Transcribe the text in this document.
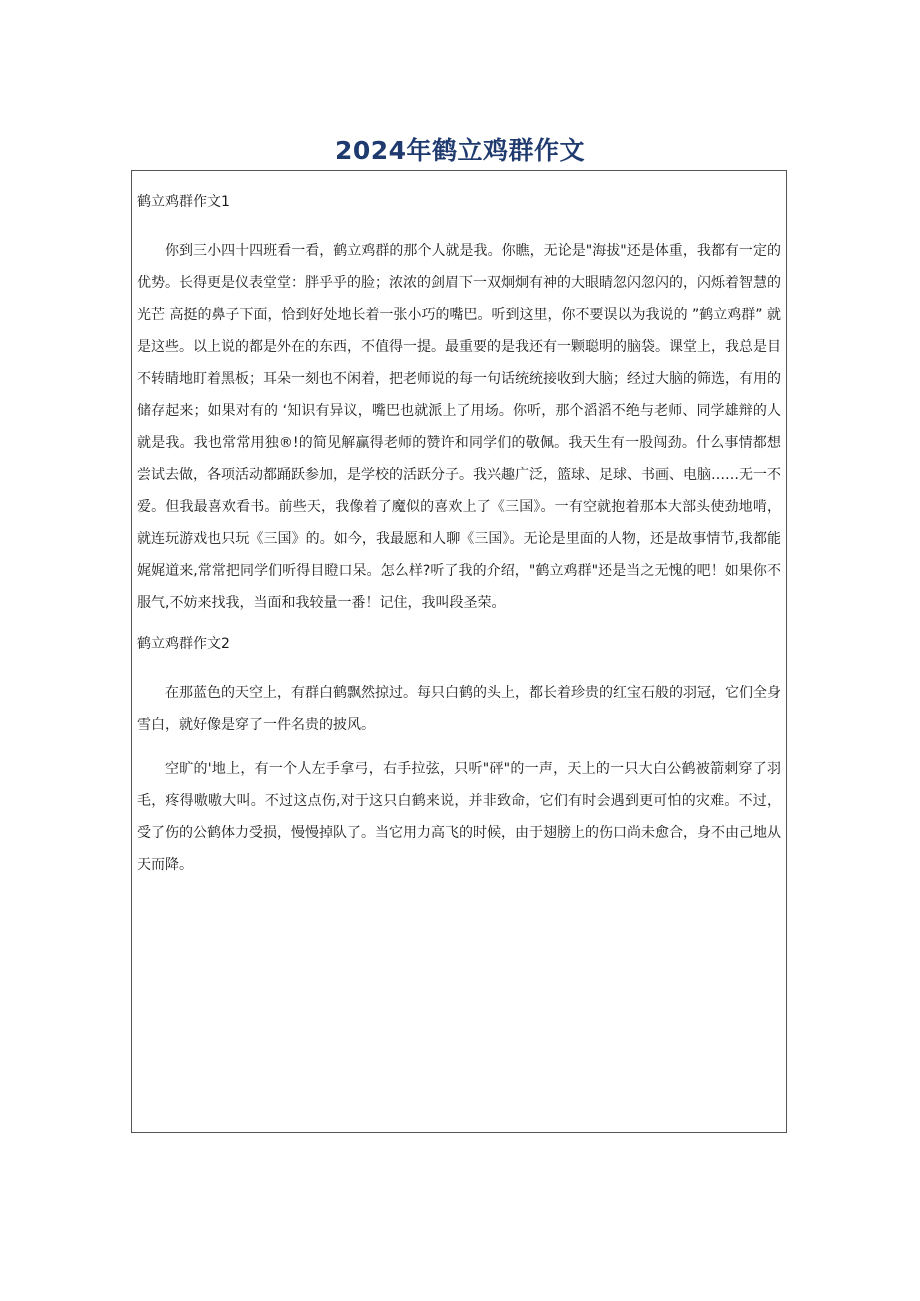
2024年鹤立鸡群作文
鹤立鸡群作文1

你到三小四十四班看一看，鹤立鸡群的那个人就是我。你瞧，无论是"海拔"还是体重，我都有一定的优势。长得更是仪表堂堂：胖乎乎的脸；浓浓的剑眉下一双炯炯有神的大眼睛忽闪忽闪的，闪烁着智慧的光芒 高挺的鼻子下面，恰到好处地长着一张小巧的嘴巴。听到这里，你不要误以为我说的 ”鹤立鸡群” 就是这些。以上说的都是外在的东西，不值得一提。最重要的是我还有一颗聪明的脑袋。课堂上，我总是目不转睛地盯着黑板；耳朵一刻也不闲着，把老师说的每一句话统统接收到大脑；经过大脑的筛选，有用的储存起来；如果对有的 ‘知识有异议，嘴巴也就派上了用场。你听，那个滔滔不绝与老师、同学雄辩的人就是我。我也常常用独®!的简见解赢得老师的赞许和同学们的敬佩。我天生有一股闯劲。什么事情都想尝试去做，各项活动都踊跃参加，是学校的活跃分子。我兴趣广泛，篮球、足球、书画、电脑……无一不爱。但我最喜欢看书。前些天，我像着了魔似的喜欢上了《三国》。一有空就抱着那本大部头使劲地啃，就连玩游戏也只玩《三国》的。如今，我最愿和人聊《三国》。无论是里面的人物，还是故事情节,我都能娓娓道来,常常把同学们听得目瞪口呆。怎么样?听了我的介绍，"鹤立鸡群"还是当之无愧的吧！如果你不服气,不妨来找我，当面和我较量一番！记住，我叫段圣荣。

鹤立鸡群作文2

在那蓝色的天空上，有群白鹤飘然掠过。每只白鹤的头上，都长着珍贵的红宝石般的羽冠，它们全身雪白，就好像是穿了一件名贵的披风。

空旷的'地上，有一个人左手拿弓，右手拉弦，只听"砰"的一声，天上的一只大白公鹤被箭刺穿了羽毛，疼得嗷嗷大叫。不过这点伤,对于这只白鹤来说，并非致命，它们有时会遇到更可怕的灾难。不过，受了伤的公鹤体力受损，慢慢掉队了。当它用力高飞的时候，由于翅膀上的伤口尚未愈合，身不由己地从天而降。
